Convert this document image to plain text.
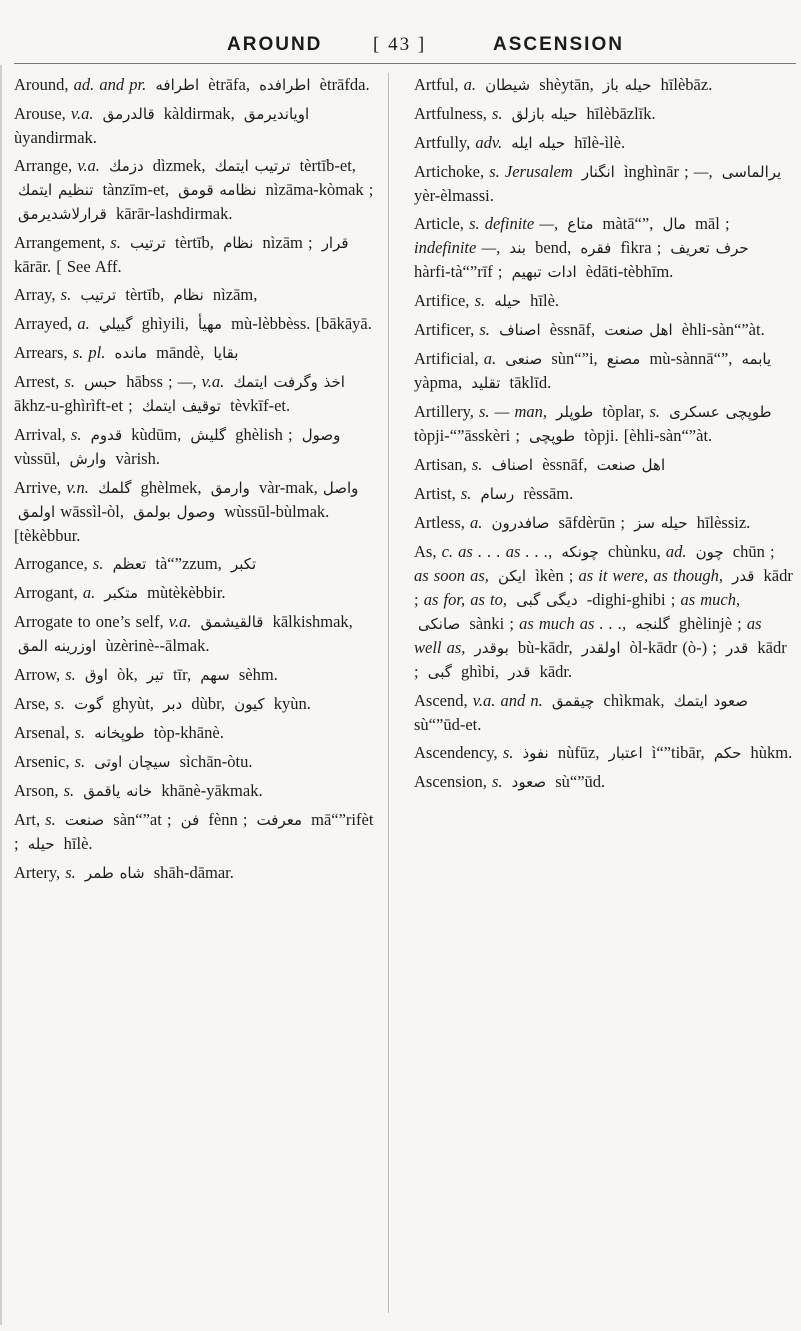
AROUND	[ 43 ]	ASCENSION
Around, ad. and pr. اطرافه ètrāfa, اطرافده ètrāfda.
Arouse, v.a. قالدرمق kàldirmak, اويانديرمق ùyandirmak.
Arrange, v.a. دزمك dìzmek, ترتيب ايتمك tèrtīb-et, تنظيم ايتمك tànzīm-et, نظامه قومق nìzāma-kòmak ; قرارلاشديرمق kārār-lashdirmak.
Arrangement, s. ترتيب tèrtīb, نظام nìzām ; قرار kārār. [ See Aff.
Array, s. ترتيب tèrtīb, نظام nìzām,
Arrayed, a. گييلي ghìyili, مهيأ mù-lèbbèss. [bākāyā.
Arrears, s. pl. مانده māndè, بقايا
Arrest, s. حبس hābss ; —, v.a. اخذ وگرفت ايتمك ākhz-u-ghìrìft-et ; توقيف ايتمك tèvkīf-et.
Arrival, s. قدوم kùdūm, گليش ghèlish ; وصول vùssūl, وارش vàrish.
Arrive, v.n. گلمك ghèlmek, وارمق vàr-mak, واصل اولمق wāssìl-òl, وصول بولمق wùssūl-bùlmak. [tèkèbbur.
Arrogance, s. تعظم tà“”zzum, تكبر
Arrogant, a. متكبر mùtèkèbbir.
Arrogate to one’s self, v.a. قالقيشمق kālkishmak, اوزرينه المق ùzèrinè--ālmak.
Arrow, s. اوق òk, تير tīr, سهم sèhm.
Arse, s. گوت ghyùt, دبر dùbr, كيون kyùn.
Arsenal, s. طوپخانه tòp-khānè.
Arsenic, s. سيچان اوتى sìchān-òtu.
Arson, s. خانه ياقمق khānè-yākmak.
Art, s. صنعت sàn“”at ; فن fènn ; معرفت mā“”rifèt ; حيله hīlè.
Artery, s. شاه طمر shāh-dāmar.
Artful, a. شيطان shèytān, حيله باز hīlèbāz.
Artfulness, s. حيله بازلق hīlèbāzlīk.
Artfully, adv. حيله ايله hīlè-ìlè.
Artichoke, s. Jerusalem انگنار ìnghìnār ; —, يرالماسى yèr-èlmassi.
Article, s. definite —, متاع màtā“”, مال māl ; indefinite —, بند bend, فقره fìkra ; حرف تعريف hàrfi-tà“”rīf ; ادات تبهيم èdāti-tèbhīm.
Artifice, s. حيله hīlè.
Artificer, s. اصناف èssnāf, اهل صنعت èhli-sàn“”àt.
Artificial, a. صنعى sùn“”i, مصنع mù-sànnā“”, يابمه yàpma, تقليد tāklīd.
Artillery, s. — man, طوپلر tòplar, s. طوپچى عسكرى tòpji-“”āsskèri ; طوپچى tòpji. [èhli-sàn“”àt.
Artisan, s. اصناف èssnāf, اهل صنعت
Artist, s. رسام rèssām.
Artless, a. صافدرون sāfdèrūn ; حيله سز hīlèssiz.
As, c. as . . . as . . ., چونكه chùnku, ad. چون chūn ; as soon as, ايكن ìkèn ; as it were, as though, قدر kādr ; as for, as to, ديگى گبى -dighi-ghibi ; as much, صانكى sànki ; as much as . . ., گلنجه ghèlinjè ; as well as, بوقدر bù-kādr, اولقدر òl-kādr (ò-) ; قدر kādr ; گبى ghìbi, قدر kādr.
Ascend, v.a. and n. چيقمق chìkmak, صعود ايتمك sù“”ūd-et.
Ascendency, s. نفوذ nùfūz, اعتبار ì“”tibār, حكم hùkm.
Ascension, s. صعود sù“”ūd.
